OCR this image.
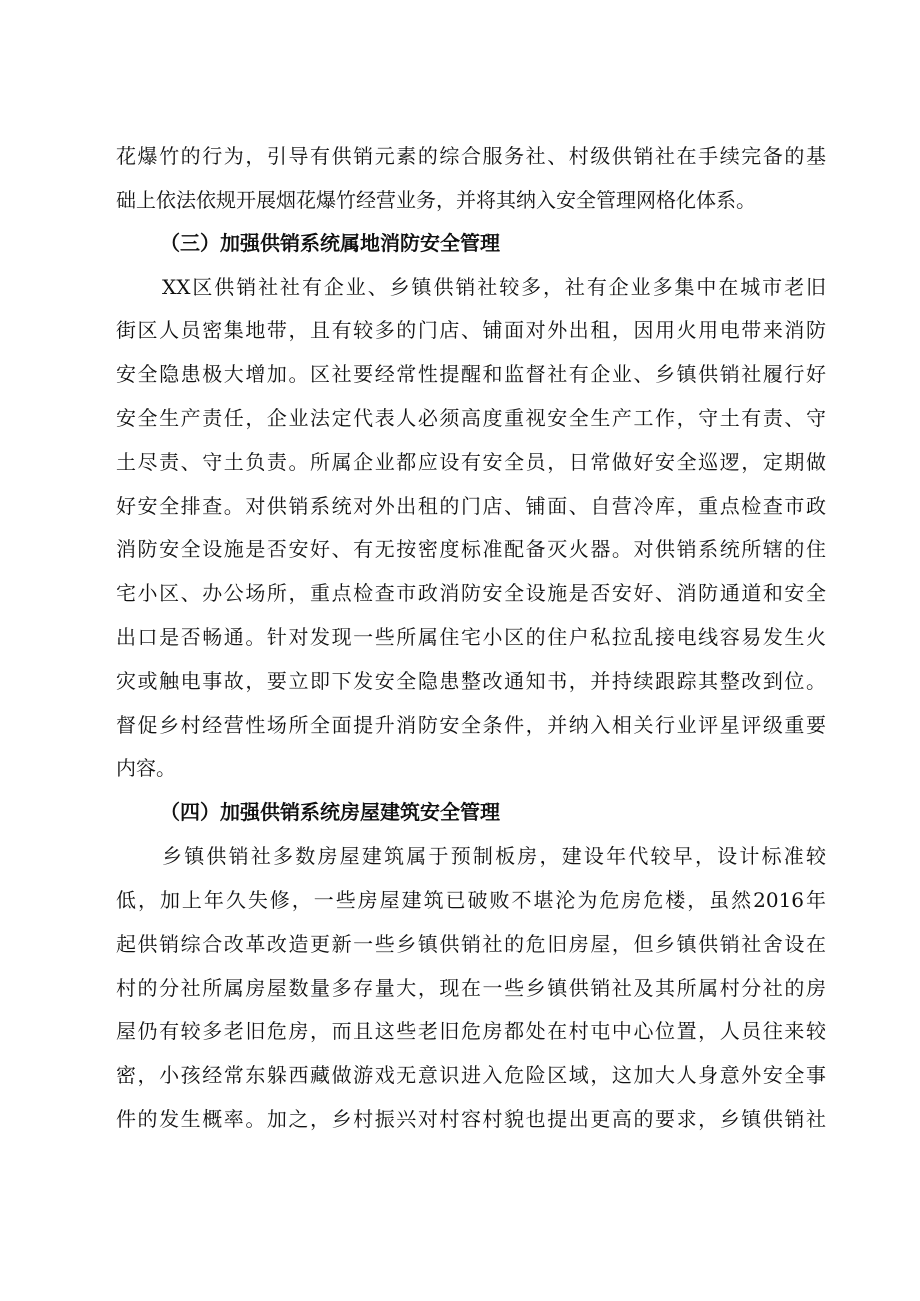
花爆竹的行为，引导有供销元素的综合服务社、村级供销社在手续完备的基
础上依法依规开展烟花爆竹经营业务，并将其纳入安全管理网格化体系。
（三）加强供销系统属地消防安全管理
XX区供销社社有企业、乡镇供销社较多，社有企业多集中在城市老旧
街区人员密集地带，且有较多的门店、铺面对外出租，因用火用电带来消防
安全隐患极大增加。区社要经常性提醒和监督社有企业、乡镇供销社履行好
安全生产责任，企业法定代表人必须高度重视安全生产工作，守土有责、守
土尽责、守土负责。所属企业都应设有安全员，日常做好安全巡逻，定期做
好安全排查。对供销系统对外出租的门店、铺面、自营冷库，重点检查市政
消防安全设施是否安好、有无按密度标准配备灭火器。对供销系统所辖的住
宅小区、办公场所，重点检查市政消防安全设施是否安好、消防通道和安全
出口是否畅通。针对发现一些所属住宅小区的住户私拉乱接电线容易发生火
灾或触电事故，要立即下发安全隐患整改通知书，并持续跟踪其整改到位。
督促乡村经营性场所全面提升消防安全条件，并纳入相关行业评星评级重要
内容。
（四）加强供销系统房屋建筑安全管理
乡镇供销社多数房屋建筑属于预制板房，建设年代较早，设计标准较
低，加上年久失修，一些房屋建筑已破败不堪沦为危房危楼，虽然2016年
起供销综合改革改造更新一些乡镇供销社的危旧房屋，但乡镇供销社舍设在
村的分社所属房屋数量多存量大，现在一些乡镇供销社及其所属村分社的房
屋仍有较多老旧危房，而且这些老旧危房都处在村屯中心位置，人员往来较
密，小孩经常东躲西藏做游戏无意识进入危险区域，这加大人身意外安全事
件的发生概率。加之，乡村振兴对村容村貌也提出更高的要求，乡镇供销社
